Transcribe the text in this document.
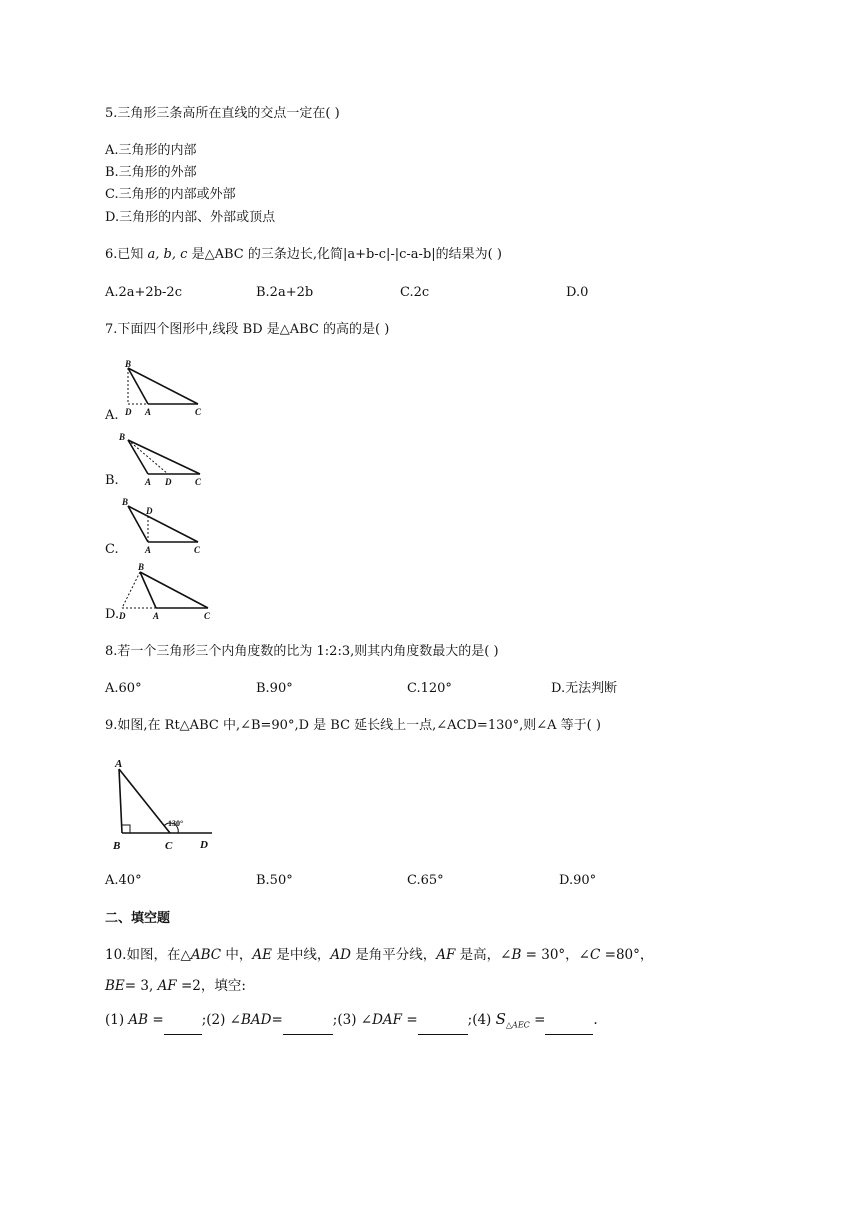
5.三角形三条高所在直线的交点一定在( )
A.三角形的内部
B.三角形的外部
C.三角形的内部或外部
D.三角形的内部、外部或顶点
6.已知 a, b, c 是△ABC 的三条边长,化简|a+b-c|-|c-a-b|的结果为( )
A.2a+2b-2c	B.2a+2b	C.2c	D.0
7.下面四个图形中,线段 BD 是△ABC 的高的是( )
A.
B
D A	C
B.
B
A D	C
C.
B
D
A	C
D.
B
D	A	C
8.若一个三角形三个内角度数的比为 1:2:3,则其内角度数最大的是( )
A.60°	B.90°	C.120°	D.无法判断
9.如图,在 Rt△ABC 中,∠B=90°,D 是 BC 延长线上一点,∠ACD=130°,则∠A 等于( )
A
B	C	D
130°
A.40°	B.50°	C.65°	D.90°
二、填空题
10.如图，在△ABC 中，AE 是中线，AD 是角平分线，AF 是高，∠B = 30°，∠C =80°，
BE= 3, AF =2，填空:
(1) AB =	;(2) ∠BAD=	;(3) ∠DAF =	;(4) $S_{\triangle AEC}$ =	.
